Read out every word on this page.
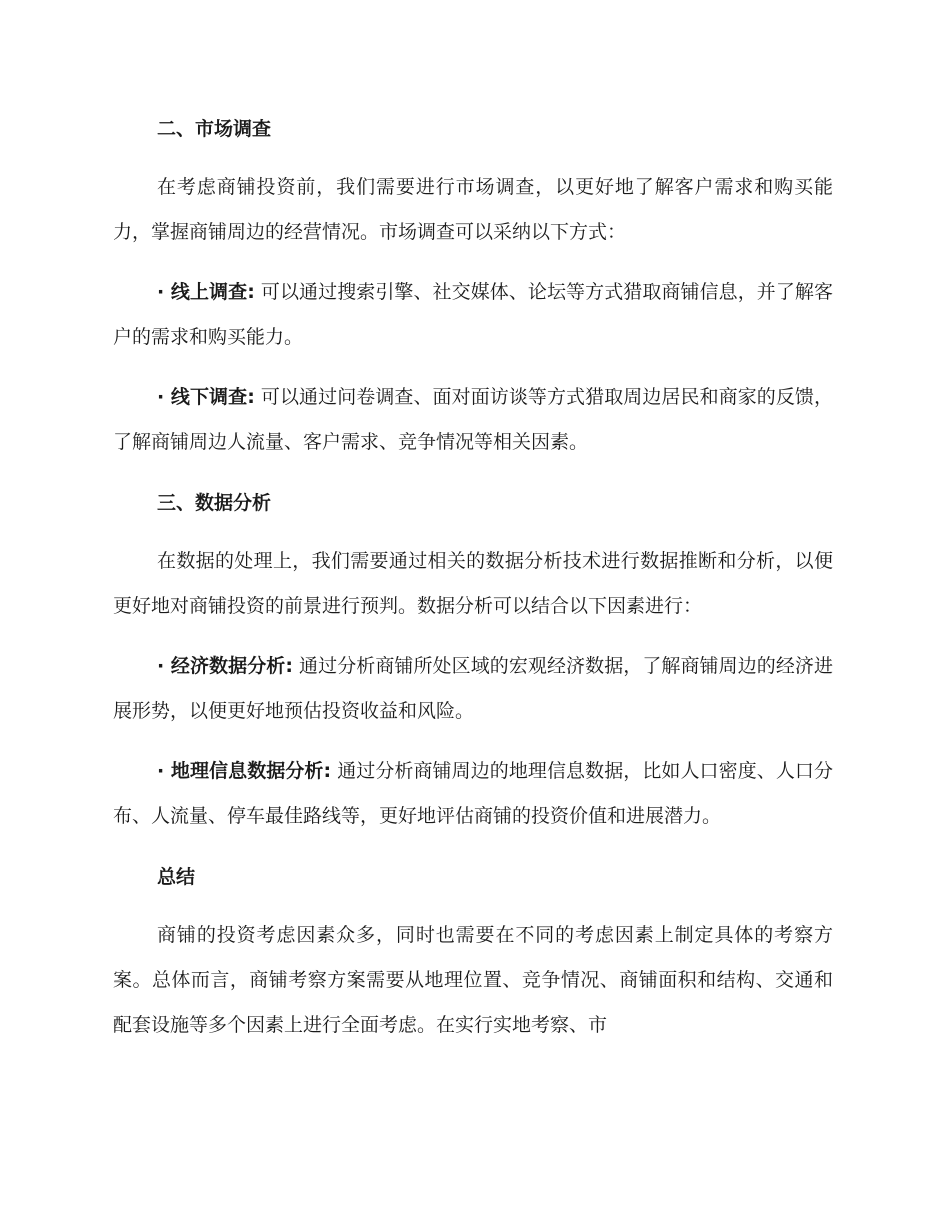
二、市场调查

在考虑商铺投资前，我们需要进行市场调查，以更好地了解客户需求和购买能力，掌握商铺周边的经营情况。市场调查可以采纳以下方式：

· 线上调查: 可以通过搜索引擎、社交媒体、论坛等方式猎取商铺信息，并了解客户的需求和购买能力。

· 线下调查: 可以通过问卷调查、面对面访谈等方式猎取周边居民和商家的反馈，了解商铺周边人流量、客户需求、竞争情况等相关因素。

三、数据分析

在数据的处理上，我们需要通过相关的数据分析技术进行数据推断和分析，以便更好地对商铺投资的前景进行预判。数据分析可以结合以下因素进行：

· 经济数据分析: 通过分析商铺所处区域的宏观经济数据，了解商铺周边的经济进展形势，以便更好地预估投资收益和风险。

· 地理信息数据分析: 通过分析商铺周边的地理信息数据，比如人口密度、人口分布、人流量、停车最佳路线等，更好地评估商铺的投资价值和进展潜力。

总结

商铺的投资考虑因素众多，同时也需要在不同的考虑因素上制定具体的考察方案。总体而言，商铺考察方案需要从地理位置、竞争情况、商铺面积和结构、交通和配套设施等多个因素上进行全面考虑。在实行实地考察、市
